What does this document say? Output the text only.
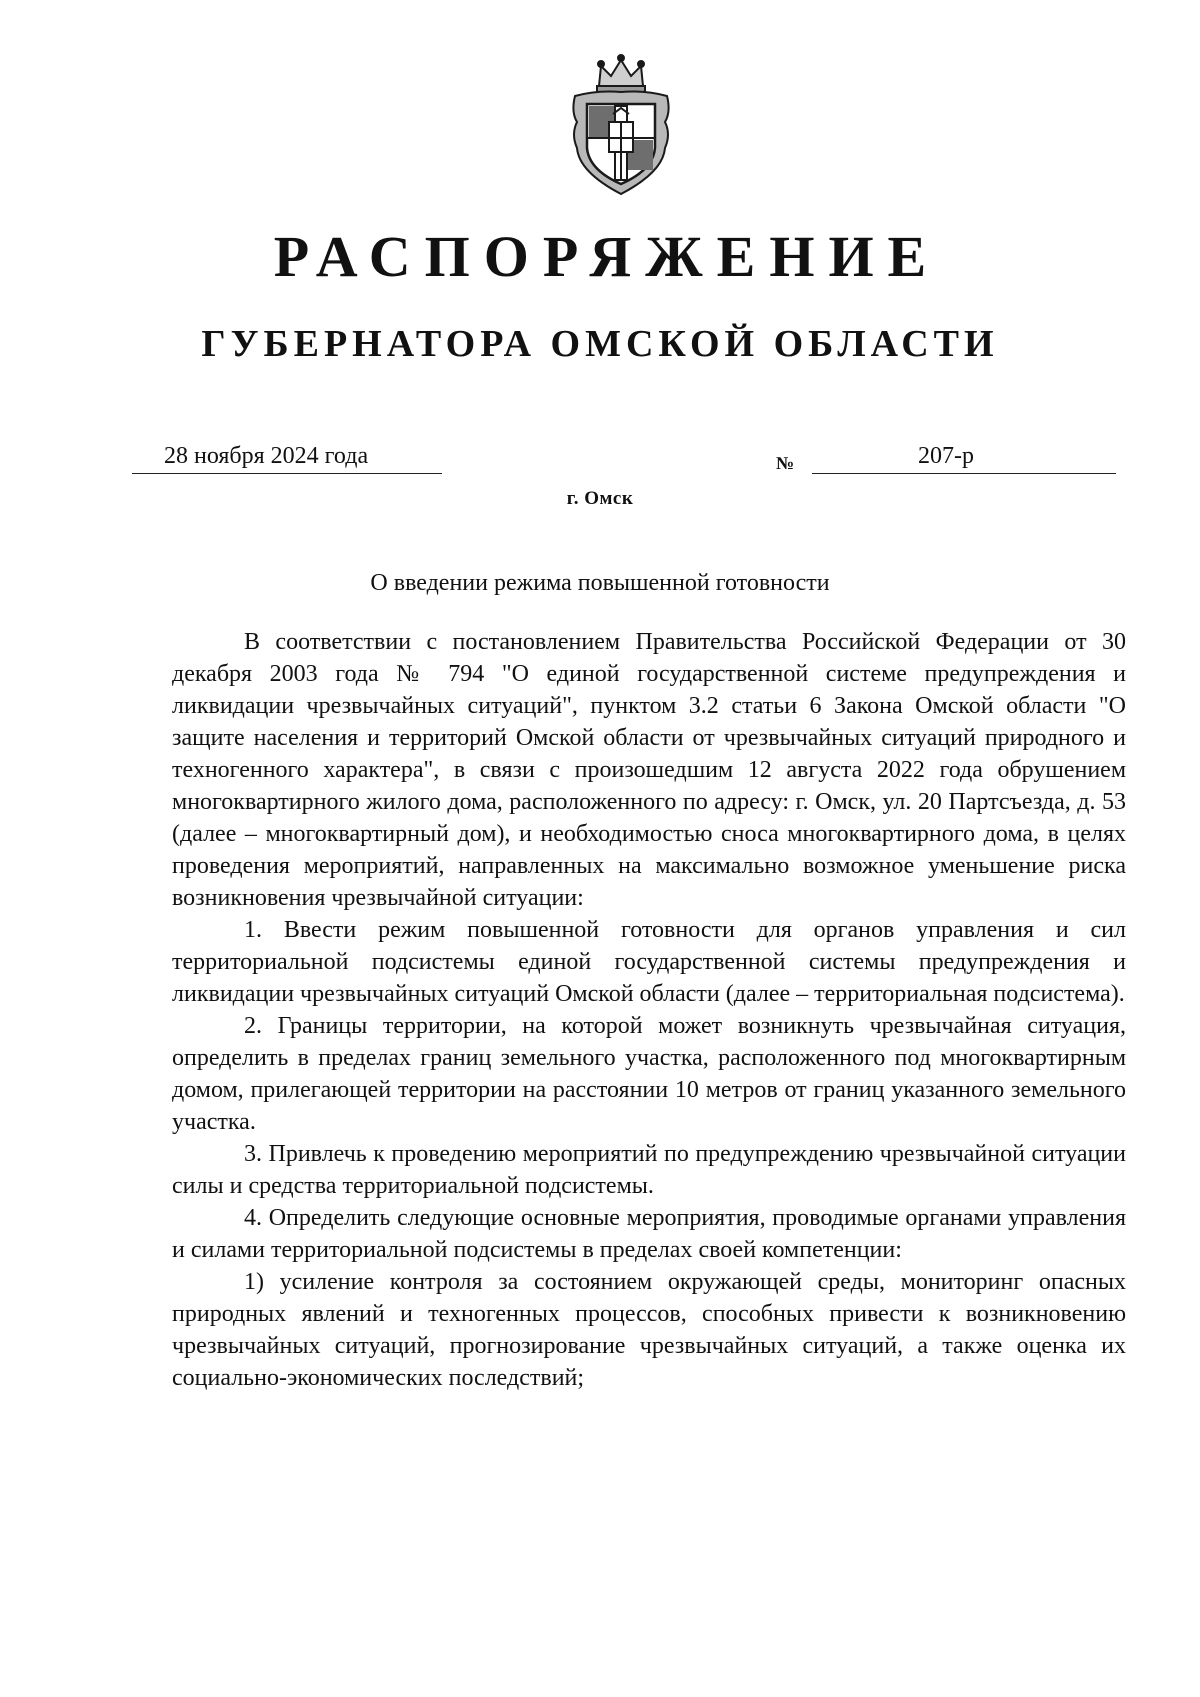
РАСПОРЯЖЕНИЕ
ГУБЕРНАТОРА ОМСКОЙ ОБЛАСТИ
28 ноября 2024 года	№	207-р
г. Омск
О введении режима повышенной готовности

В соответствии с постановлением Правительства Российской Федерации от 30 декабря 2003 года № 794 "О единой государственной системе предупреждения и ликвидации чрезвычайных ситуаций", пунктом 3.2 статьи 6 Закона Омской области "О защите населения и территорий Омской области от чрезвычайных ситуаций природного и техногенного характера", в связи с произошедшим 12 августа 2022 года обрушением многоквартирного жилого дома, расположенного по адресу: г. Омск, ул. 20 Партсъезда, д. 53 (далее – многоквартирный дом), и необходимостью сноса многоквартирного дома, в целях проведения мероприятий, направленных на максимально возможное уменьшение риска возникновения чрезвычайной ситуации:

1. Ввести режим повышенной готовности для органов управления и сил территориальной подсистемы единой государственной системы предупреждения и ликвидации чрезвычайных ситуаций Омской области (далее – территориальная подсистема).

2. Границы территории, на которой может возникнуть чрезвычайная ситуация, определить в пределах границ земельного участка, расположенного под многоквартирным домом, прилегающей территории на расстоянии 10 метров от границ указанного земельного участка.

3. Привлечь к проведению мероприятий по предупреждению чрезвычайной ситуации силы и средства территориальной подсистемы.

4. Определить следующие основные мероприятия, проводимые органами управления и силами территориальной подсистемы в пределах своей компетенции:

1) усиление контроля за состоянием окружающей среды, мониторинг опасных природных явлений и техногенных процессов, способных привести к возникновению чрезвычайных ситуаций, прогнозирование чрезвычайных ситуаций, а также оценка их социально-экономических последствий;
